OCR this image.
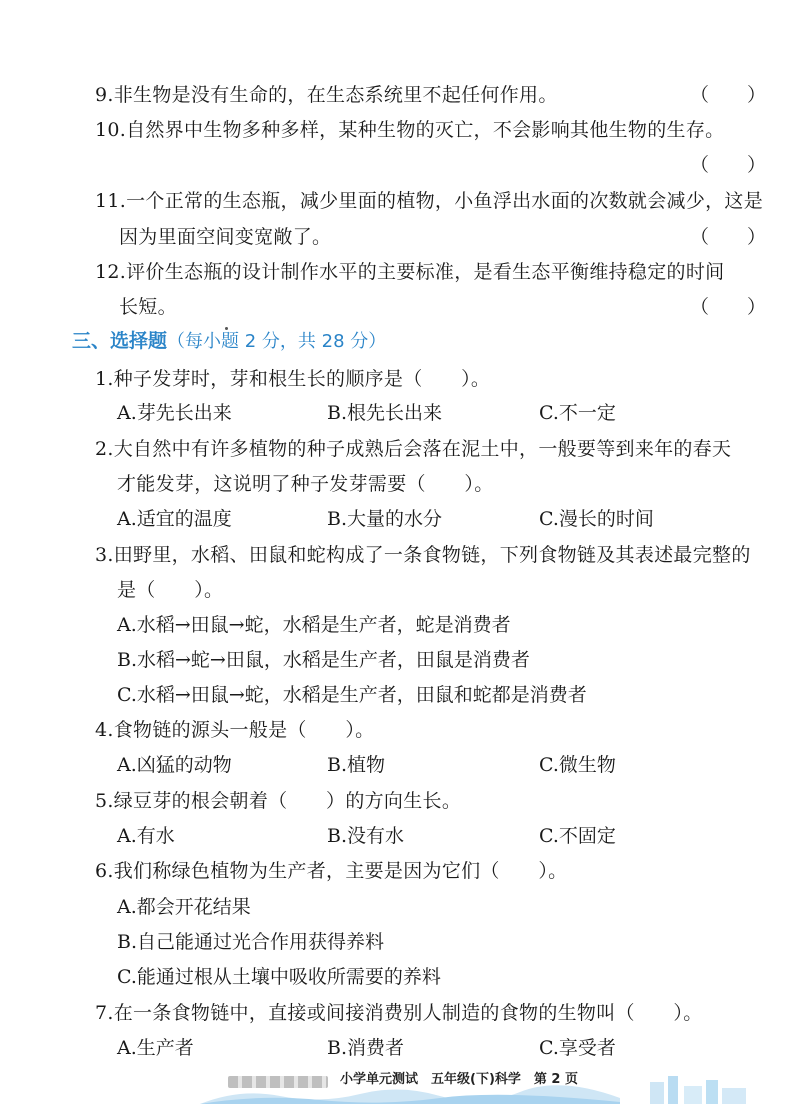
9.非生物是没有生命的，在生态系统里不起任何作用。	（　　）
10.自然界中生物多种多样，某种生物的灭亡，不会影响其他生物的生存。
（　　）
11.一个正常的生态瓶，减少里面的植物，小鱼浮出水面的次数就会减少，这是
因为里面空间变宽敞了。	（　　）
12.评价生态瓶的设计制作水平的主要标准，是看生态平衡维持稳定的时间
长短。	（　　）
三、选择题（每小题 2 分，共 28 分）
1.种子发芽时，芽和根生长的顺序是（　　）。
A.芽先长出来	B.根先长出来	C.不一定
2.大自然中有许多植物的种子成熟后会落在泥土中，一般要等到来年的春天
才能发芽，这说明了种子发芽需要（　　）。
A.适宜的温度	B.大量的水分	C.漫长的时间
3.田野里，水稻、田鼠和蛇构成了一条食物链，下列食物链及其表述最完整的
是（　　）。
A.水稻→田鼠→蛇，水稻是生产者，蛇是消费者
B.水稻→蛇→田鼠，水稻是生产者，田鼠是消费者
C.水稻→田鼠→蛇，水稻是生产者，田鼠和蛇都是消费者
4.食物链的源头一般是（　　）。
A.凶猛的动物	B.植物	C.微生物
5.绿豆芽的根会朝着（　　）的方向生长。
A.有水	B.没有水	C.不固定
6.我们称绿色植物为生产者，主要是因为它们（　　）。
A.都会开花结果
B.自己能通过光合作用获得养料
C.能通过根从土壤中吸收所需要的养料
7.在一条食物链中，直接或间接消费别人制造的食物的生物叫（　　）。
A.生产者	B.消费者	C.享受者
小学单元测试　五年级(下)科学　第 2 页
